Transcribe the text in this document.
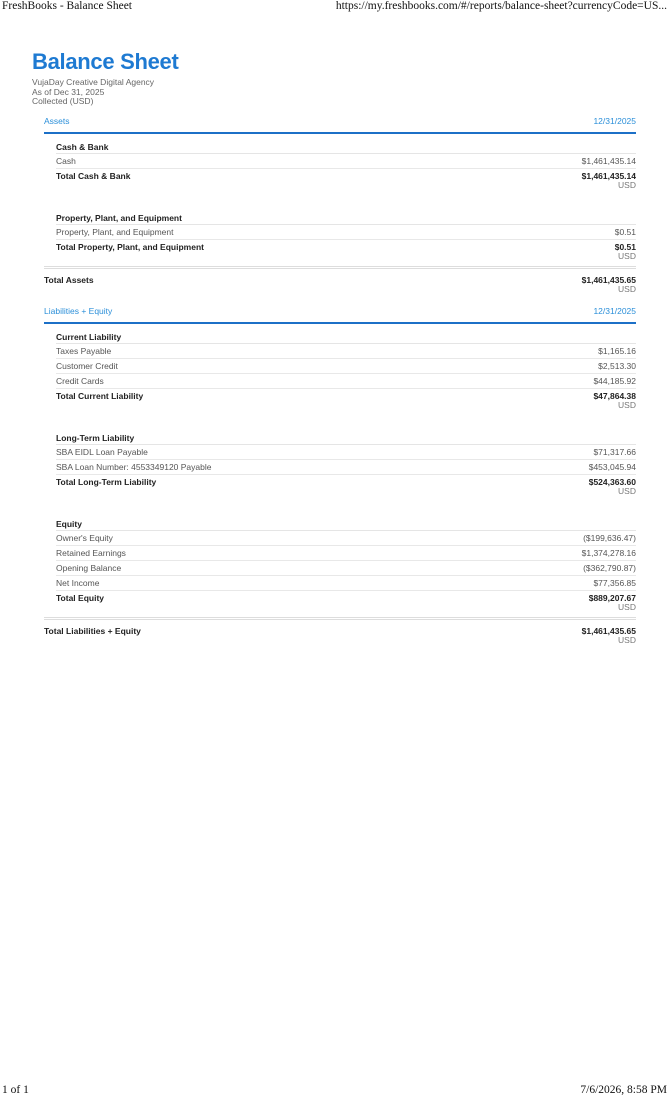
FreshBooks - Balance Sheet	https://my.freshbooks.com/#/reports/balance-sheet?currencyCode=US...
Balance Sheet
VujaDay Creative Digital Agency
As of Dec 31, 2025
Collected (USD)
Assets	12/31/2025
Cash & Bank
Cash	$1,461,435.14
Total Cash & Bank	$1,461,435.14
USD
Property, Plant, and Equipment
Property, Plant, and Equipment	$0.51
Total Property, Plant, and Equipment	$0.51
USD
Total Assets	$1,461,435.65
USD
Liabilities + Equity	12/31/2025
Current Liability
Taxes Payable	$1,165.16
Customer Credit	$2,513.30
Credit Cards	$44,185.92
Total Current Liability	$47,864.38
USD
Long-Term Liability
SBA EIDL Loan Payable	$71,317.66
SBA Loan Number: 4553349120 Payable	$453,045.94
Total Long-Term Liability	$524,363.60
USD
Equity
Owner's Equity	($199,636.47)
Retained Earnings	$1,374,278.16
Opening Balance	($362,790.87)
Net Income	$77,356.85
Total Equity	$889,207.67
USD
Total Liabilities + Equity	$1,461,435.65
USD
1 of 1	7/6/2026, 8:58 PM
